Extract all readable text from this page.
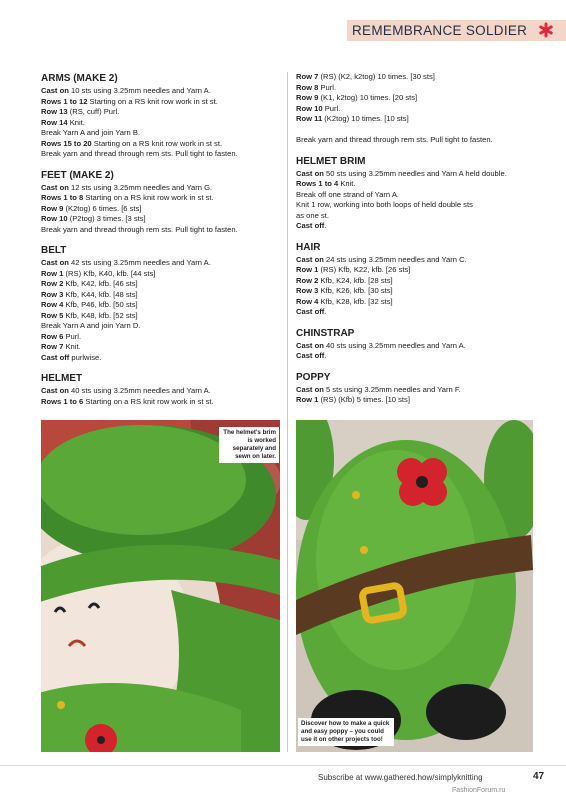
REMEMBRANCE SOLDIER
ARMS (MAKE 2)
Cast on 10 sts using 3.25mm needles and Yarn A.
Rows 1 to 12 Starting on a RS knit row work in st st.
Row 13 (RS, cuff) Purl.
Row 14 Knit.
Break Yarn A and join Yarn B.
Rows 15 to 20 Starting on a RS knit row work in st st.
Break yarn and thread through rem sts. Pull tight to fasten.
FEET (MAKE 2)
Cast on 12 sts using 3.25mm needles and Yarn G.
Rows 1 to 8 Starting on a RS knit row work in st st.
Row 9 (K2tog) 6 times. [6 sts]
Row 10 (P2tog) 3 times. [3 sts]
Break yarn and thread through rem sts. Pull tight to fasten.
BELT
Cast on 42 sts using 3.25mm needles and Yarn A.
Row 1 (RS) Kfb, K40, kfb. [44 sts]
Row 2 Kfb, K42, kfb. [46 sts]
Row 3 Kfb, K44, kfb. [48 sts]
Row 4 Kfb, P46, kfb. [50 sts]
Row 5 Kfb, K48, kfb. [52 sts]
Break Yarn A and join Yarn D.
Row 6 Purl.
Row 7 Knit.
Cast off purlwise.
HELMET
Cast on 40 sts using 3.25mm needles and Yarn A.
Rows 1 to 6 Starting on a RS knit row work in st st.
Row 7 (RS) (K2, k2tog) 10 times. [30 sts]
Row 8 Purl.
Row 9 (K1, k2tog) 10 times. [20 sts]
Row 10 Purl.
Row 11 (K2tog) 10 times. [10 sts]

Break yarn and thread through rem sts. Pull tight to fasten.
HELMET BRIM
Cast on 50 sts using 3.25mm needles and Yarn A held double.
Rows 1 to 4 Knit.
Break off one strand of Yarn A.
Knit 1 row, working into both loops of held double sts
as one st.
Cast off.
HAIR
Cast on 24 sts using 3.25mm needles and Yarn C.
Row 1 (RS) Kfb, K22, kfb. [26 sts]
Row 2 Kfb, K24, kfb. [28 sts]
Row 3 Kfb, K26, kfb. [30 sts]
Row 4 Kfb, K28, kfb. [32 sts]
Cast off.
CHINSTRAP
Cast on 40 sts using 3.25mm needles and Yarn A.
Cast off.
POPPY
Cast on 5 sts using 3.25mm needles and Yarn F.
Row 1 (RS) (Kfb) 5 times. [10 sts]
The helmet's brim is worked separately and sewn on later.
Discover how to make a quick and easy poppy – you could use it on other projects too!
Subscribe at www.gathered.how/simplyknitting	47
FashionForum.ru
